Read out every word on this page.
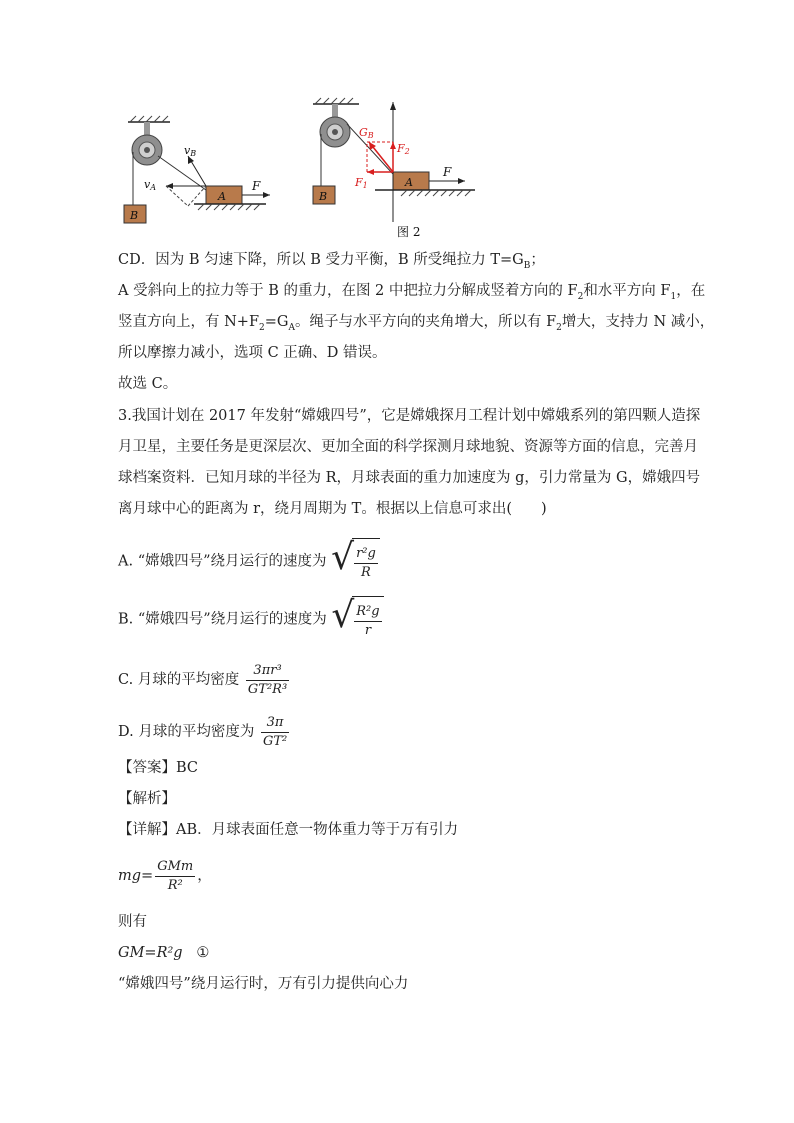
B
A
F
vB
vA
B
A
F
GB
F2
F1
图 2
CD．因为 B 匀速下降，所以 B 受力平衡，B 所受绳拉力 $T=G_B$；
A 受斜向上的拉力等于 B 的重力，在图 2 中把拉力分解成竖着方向的 $F_2$和水平方向 $F_1$，在
竖直方向上，有 $N+F_2=G_A$。绳子与水平方向的夹角增大，所以有 $F_2$增大，支持力 N 减小，
所以摩擦力减小，选项 C 正确、D 错误。
故选 C。
3.我国计划在 2017 年发射“嫦娥四号”，它是嫦娥探月工程计划中嫦娥系列的第四颗人造探
月卫星，主要任务是更深层次、更加全面的科学探测月球地貌、资源等方面的信息，完善月
球档案资料．已知月球的半径为 R，月球表面的重力加速度为 g，引力常量为 G，嫦娥四号
离月球中心的距离为 r，绕月周期为 T。根据以上信息可求出(　　)
A. “嫦娥四号”绕月运行的速度为 √ $\frac{\text{r²g}}{R}$
B. “嫦娥四号”绕月运行的速度为 √ $\frac{\text{R²g}}{r}$
C. 月球的平均密度 $\frac{\text{3πr³}}{\text{GT²R³}}$
D. 月球的平均密度为 $\frac{3\pi}{\text{GT²}}$
【答案】BC
【解析】
【详解】AB．月球表面任意一物体重力等于万有引力
$mg= \frac{\text{GMm}}{\text{R²}}$ ，
则有
GM=R²g ①
“嫦娥四号”绕月运行时，万有引力提供向心力
